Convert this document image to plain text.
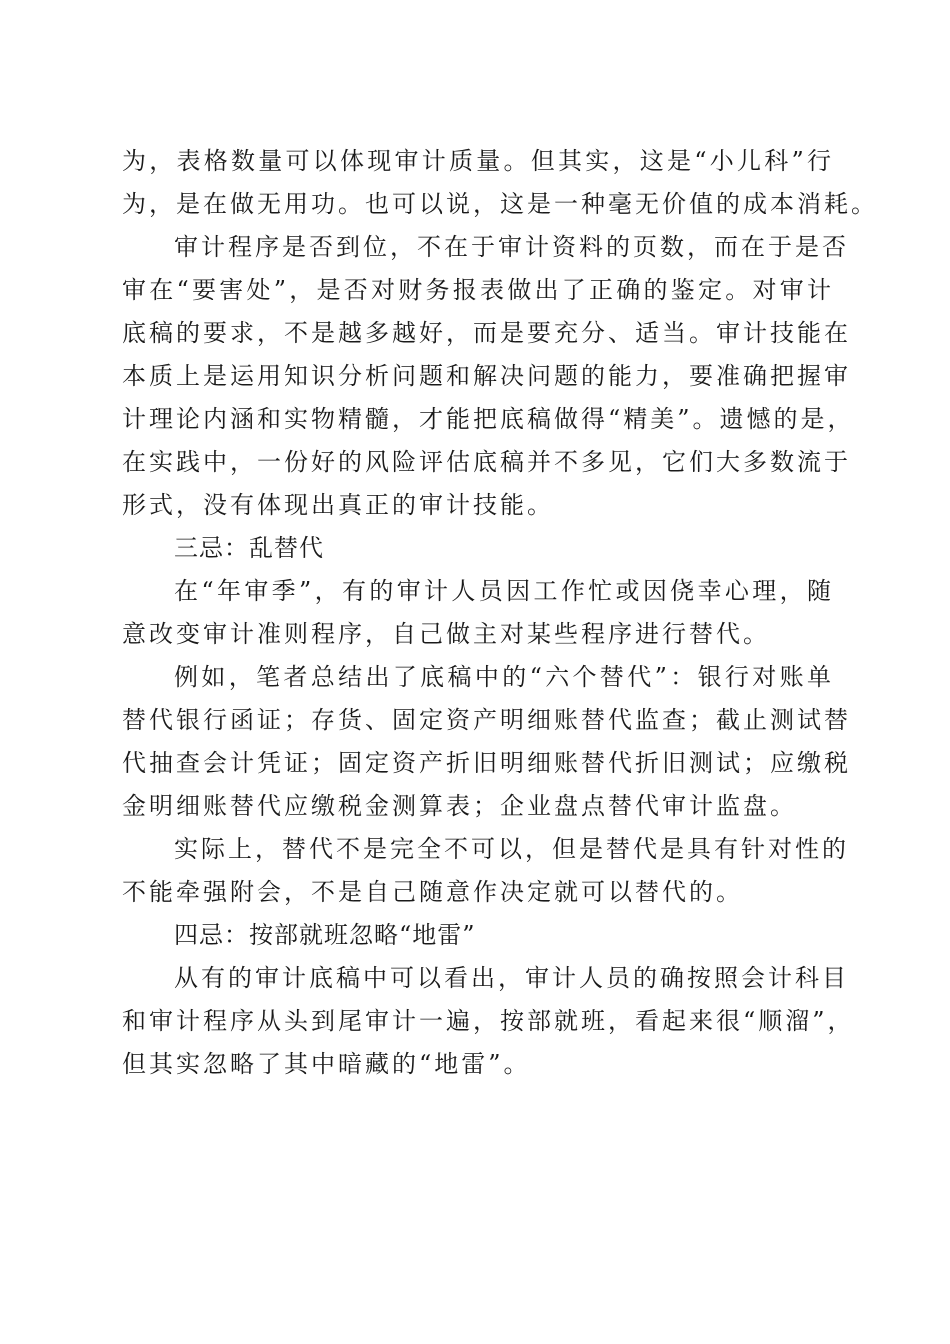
为，表格数量可以体现审计质量。但其实，这是“小儿科”行
为，是在做无用功。也可以说，这是一种毫无价值的成本消耗。
审计程序是否到位，不在于审计资料的页数，而在于是否
审在“要害处”，是否对财务报表做出了正确的鉴定。对审计
底稿的要求，不是越多越好，而是要充分、适当。审计技能在
本质上是运用知识分析问题和解决问题的能力，要准确把握审
计理论内涵和实物精髓，才能把底稿做得“精美”。遗憾的是，
在实践中，一份好的风险评估底稿并不多见，它们大多数流于
形式，没有体现出真正的审计技能。
三忌：乱替代
在“年审季”，有的审计人员因工作忙或因侥幸心理，随
意改变审计准则程序，自己做主对某些程序进行替代。
例如，笔者总结出了底稿中的“六个替代”：银行对账单
替代银行函证；存货、固定资产明细账替代监查；截止测试替
代抽查会计凭证；固定资产折旧明细账替代折旧测试；应缴税
金明细账替代应缴税金测算表；企业盘点替代审计监盘。
实际上，替代不是完全不可以，但是替代是具有针对性的
不能牵强附会，不是自己随意作决定就可以替代的。
四忌：按部就班忽略“地雷”
从有的审计底稿中可以看出，审计人员的确按照会计科目
和审计程序从头到尾审计一遍，按部就班，看起来很“顺溜”，
但其实忽略了其中暗藏的“地雷”。
